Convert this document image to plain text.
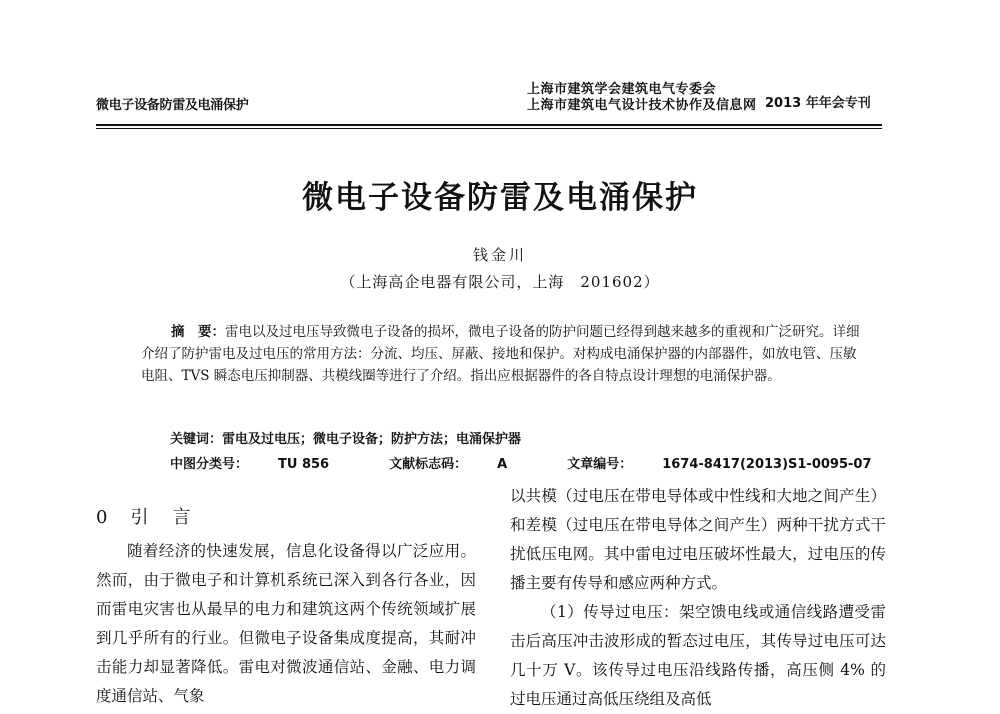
微电子设备防雷及电涌保护
上海市建筑学会建筑电气专委会
上海市建筑电气设计技术协作及信息网 2013 年年会专刊
微电子设备防雷及电涌保护
钱金川
（上海高企电器有限公司，上海　201602）
摘　要：雷电以及过电压导致微电子设备的损坏，微电子设备的防护问题已经得到越来越多的重视和广泛研究。详细介绍了防护雷电及过电压的常用方法：分流、均压、屏蔽、接地和保护。对构成电涌保护器的内部器件，如放电管、压敏电阻、TVS 瞬态电压抑制器、共模线圈等进行了介绍。指出应根据器件的各自特点设计理想的电涌保护器。
关键词：雷电及过电压；微电子设备；防护方法；电涌保护器
中图分类号： TU 856	文献标志码： A	文章编号： 1674-8417(2013)S1-0095-07
0 引言

随着经济的快速发展，信息化设备得以广泛应用。然而，由于微电子和计算机系统已深入到各行各业，因而雷电灾害也从最早的电力和建筑这两个传统领域扩展到几乎所有的行业。但微电子设备集成度提高，其耐冲击能力却显著降低。雷电对微波通信站、金融、电力调度通信站、气象

以共模（过电压在带电导体或中性线和大地之间产生）和差模（过电压在带电导体之间产生）两种干扰方式干扰低压电网。其中雷电过电压破坏性最大，过电压的传播主要有传导和感应两种方式。

（1）传导过电压：架空馈电线或通信线路遭受雷击后高压冲击波形成的暂态过电压，其传导过电压可达几十万 V。该传导过电压沿线路传播，高压侧 4% 的过电压通过高低压绕组及高低
